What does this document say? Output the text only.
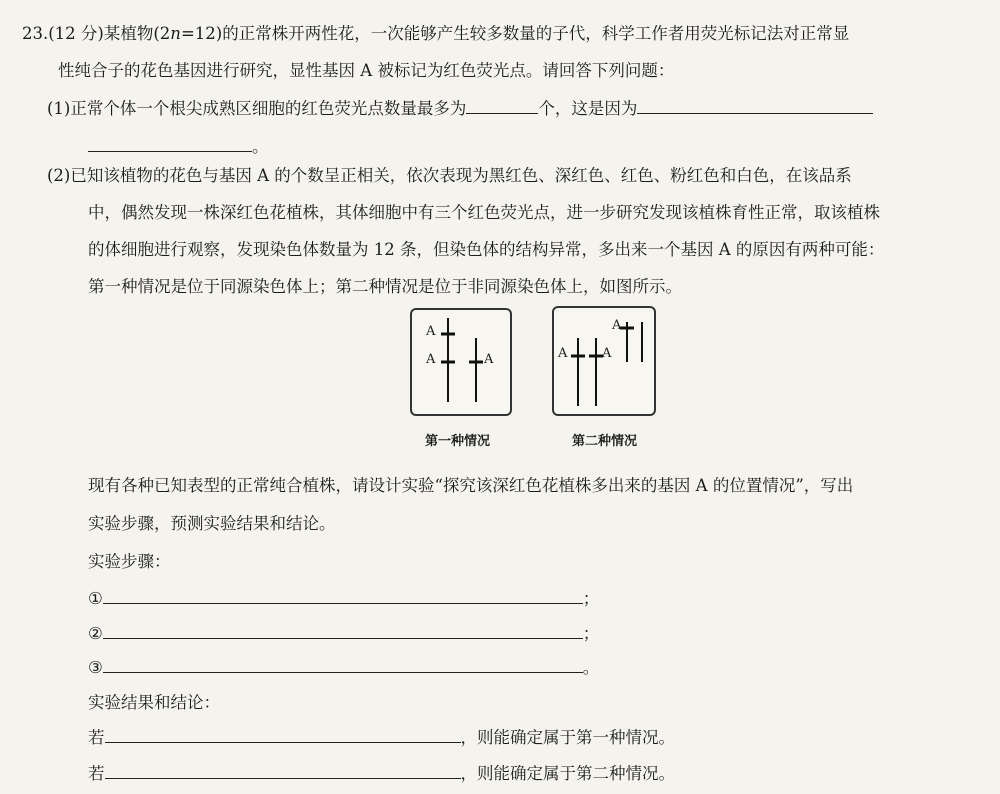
23.(12 分)某植物(2n=12)的正常株开两性花，一次能够产生较多数量的子代，科学工作者用荧光标记法对正常显
性纯合子的花色基因进行研究，显性基因 A 被标记为红色荧光点。请回答下列问题：
(1)正常个体一个根尖成熟区细胞的红色荧光点数量最多为	个，这是因为
。
(2)已知该植物的花色与基因 A 的个数呈正相关，依次表现为黑红色、深红色、红色、粉红色和白色，在该品系
中，偶然发现一株深红色花植株，其体细胞中有三个红色荧光点，进一步研究发现该植株育性正常，取该植株
的体细胞进行观察，发现染色体数量为 12 条，但染色体的结构异常，多出来一个基因 A 的原因有两种可能：
第一种情况是位于同源染色体上；第二种情况是位于非同源染色体上，如图所示。
A
A	A
第一种情况
A	A
A
第二种情况
现有各种已知表型的正常纯合植株，请设计实验“探究该深红色花植株多出来的基因 A 的位置情况”，写出
实验步骤，预测实验结果和结论。
实验步骤：
①	；
②	；
③	。
实验结果和结论：
若	，则能确定属于第一种情况。
若	，则能确定属于第二种情况。
